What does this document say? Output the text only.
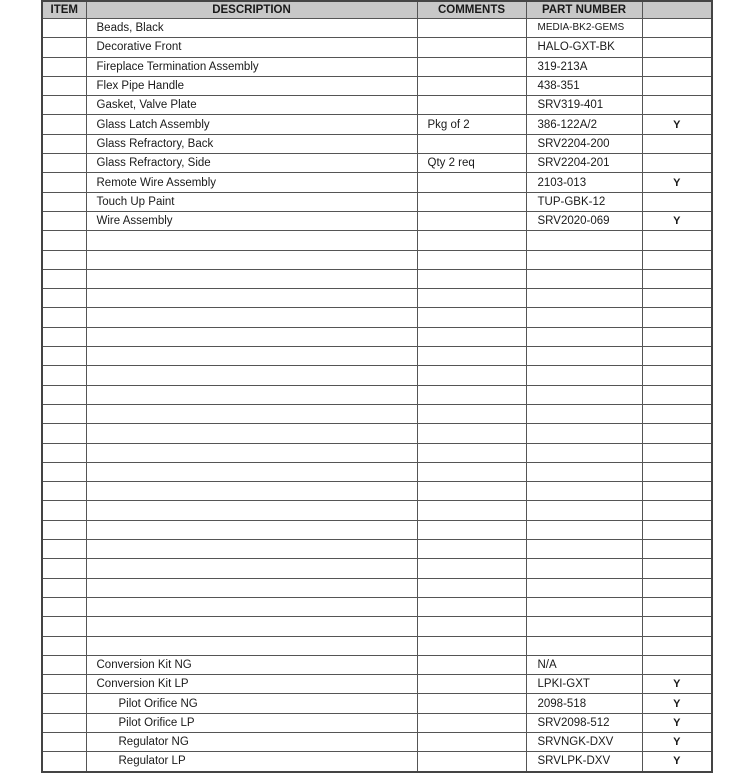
ITEM	DESCRIPTION	COMMENTS	PART NUMBER	
	Beads, Black		MEDIA-BK2-GEMS	
	Decorative Front		HALO-GXT-BK	
	Fireplace Termination Assembly		319-213A	
	Flex Pipe Handle		438-351	
	Gasket, Valve Plate		SRV319-401	
	Glass Latch Assembly	Pkg of 2	386-122A/2	Y
	Glass Refractory, Back		SRV2204-200	
	Glass Refractory, Side	Qty 2 req	SRV2204-201	
	Remote Wire Assembly		2103-013	Y
	Touch Up Paint		TUP-GBK-12	
	Wire Assembly		SRV2020-069	Y

	Conversion Kit NG		N/A	
	Conversion Kit LP		LPKI-GXT	Y
	Pilot Orifice NG		2098-518	Y
	Pilot Orifice LP		SRV2098-512	Y
	Regulator NG		SRVNGK-DXV	Y
	Regulator LP		SRVLPK-DXV	Y
